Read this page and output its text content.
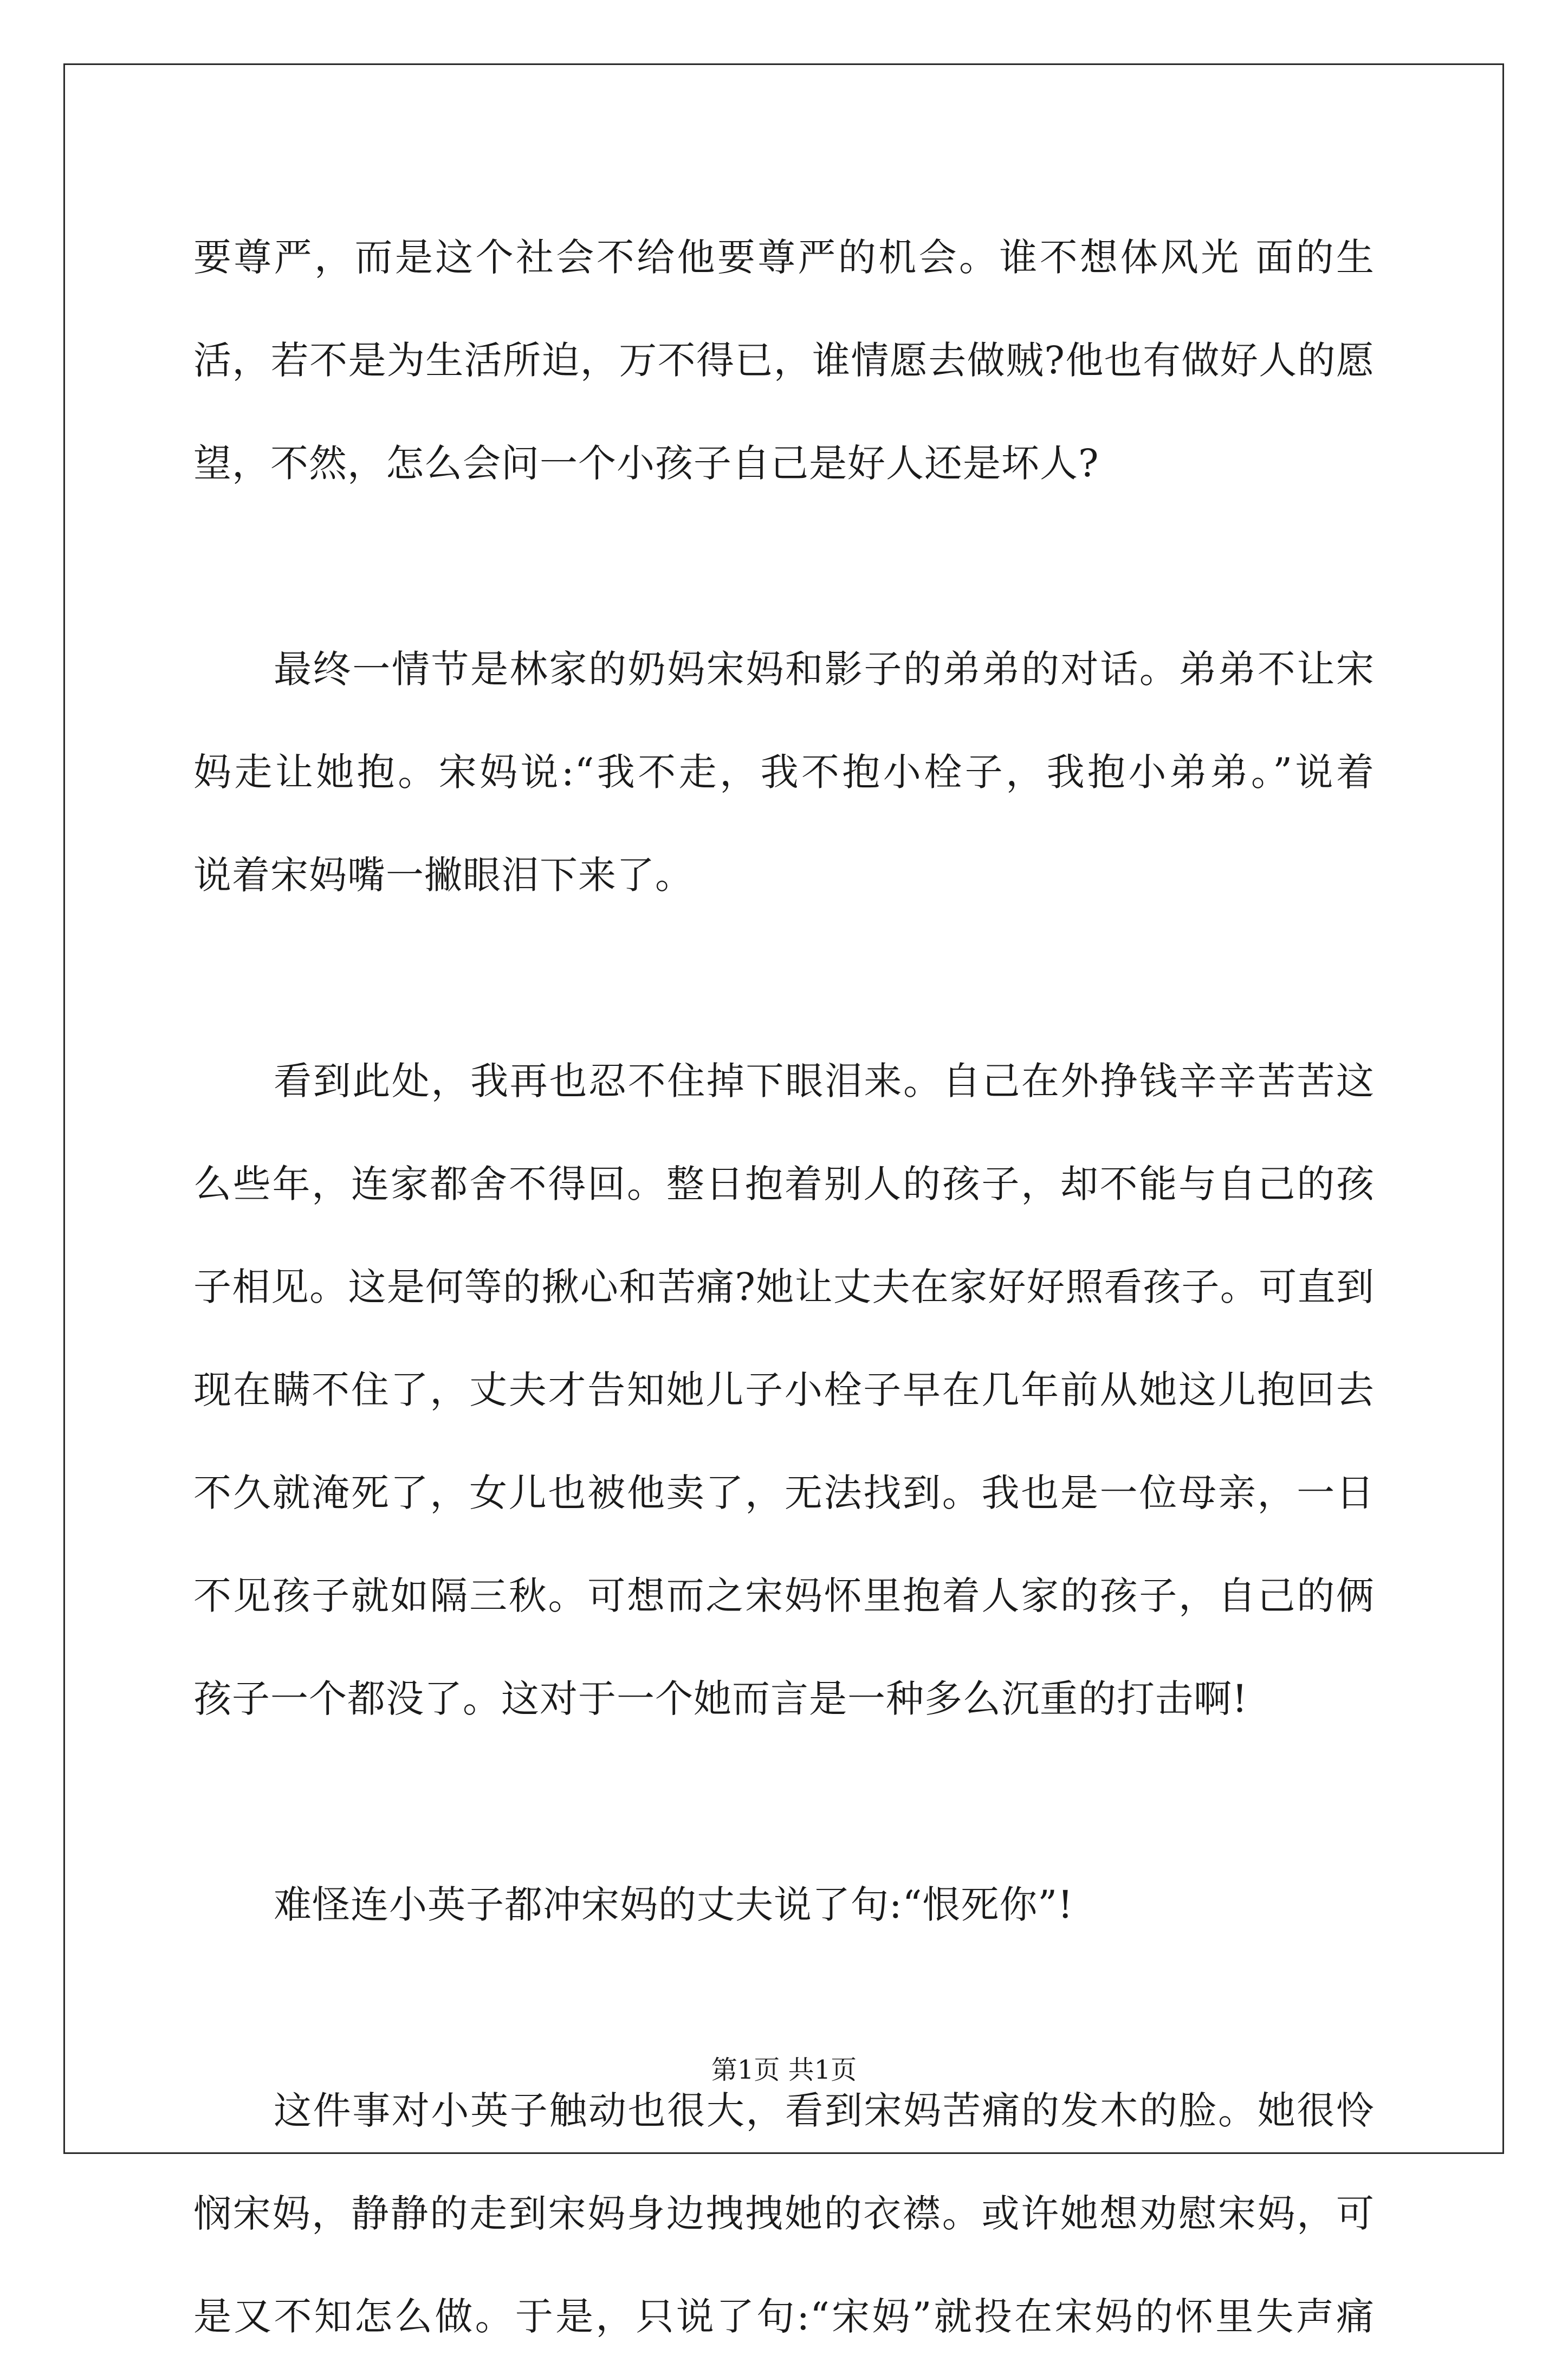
要尊严，而是这个社会不给他要尊严的机会。谁不想体风光 面的生

活，若不是为生活所迫，万不得已，谁情愿去做贼?他也有做好人的愿

望，不然，怎么会问一个小孩子自己是好人还是坏人?

最终一情节是林家的奶妈宋妈和影子的弟弟的对话。弟弟不让宋

妈走让她抱。宋妈说:“我不走，我不抱小栓子，我抱小弟弟。”说着

说着宋妈嘴一撇眼泪下来了。

看到此处，我再也忍不住掉下眼泪来。自己在外挣钱辛辛苦苦这

么些年，连家都舍不得回。整日抱着别人的孩子，却不能与自己的孩

子相见。这是何等的揪心和苦痛?她让丈夫在家好好照看孩子。可直到

现在瞒不住了，丈夫才告知她儿子小栓子早在几年前从她这儿抱回去

不久就淹死了，女儿也被他卖了，无法找到。我也是一位母亲，一日

不见孩子就如隔三秋。可想而之宋妈怀里抱着人家的孩子，自己的俩

孩子一个都没了。这对于一个她而言是一种多么沉重的打击啊!

难怪连小英子都冲宋妈的丈夫说了句:“恨死你”!

这件事对小英子触动也很大，看到宋妈苦痛的发木的脸。她很怜

悯宋妈，静静的走到宋妈身边拽拽她的衣襟。或许她想劝慰宋妈，可

是又不知怎么做。于是，只说了句:“宋妈”就投在宋妈的怀里失声痛

第1页 共1页
